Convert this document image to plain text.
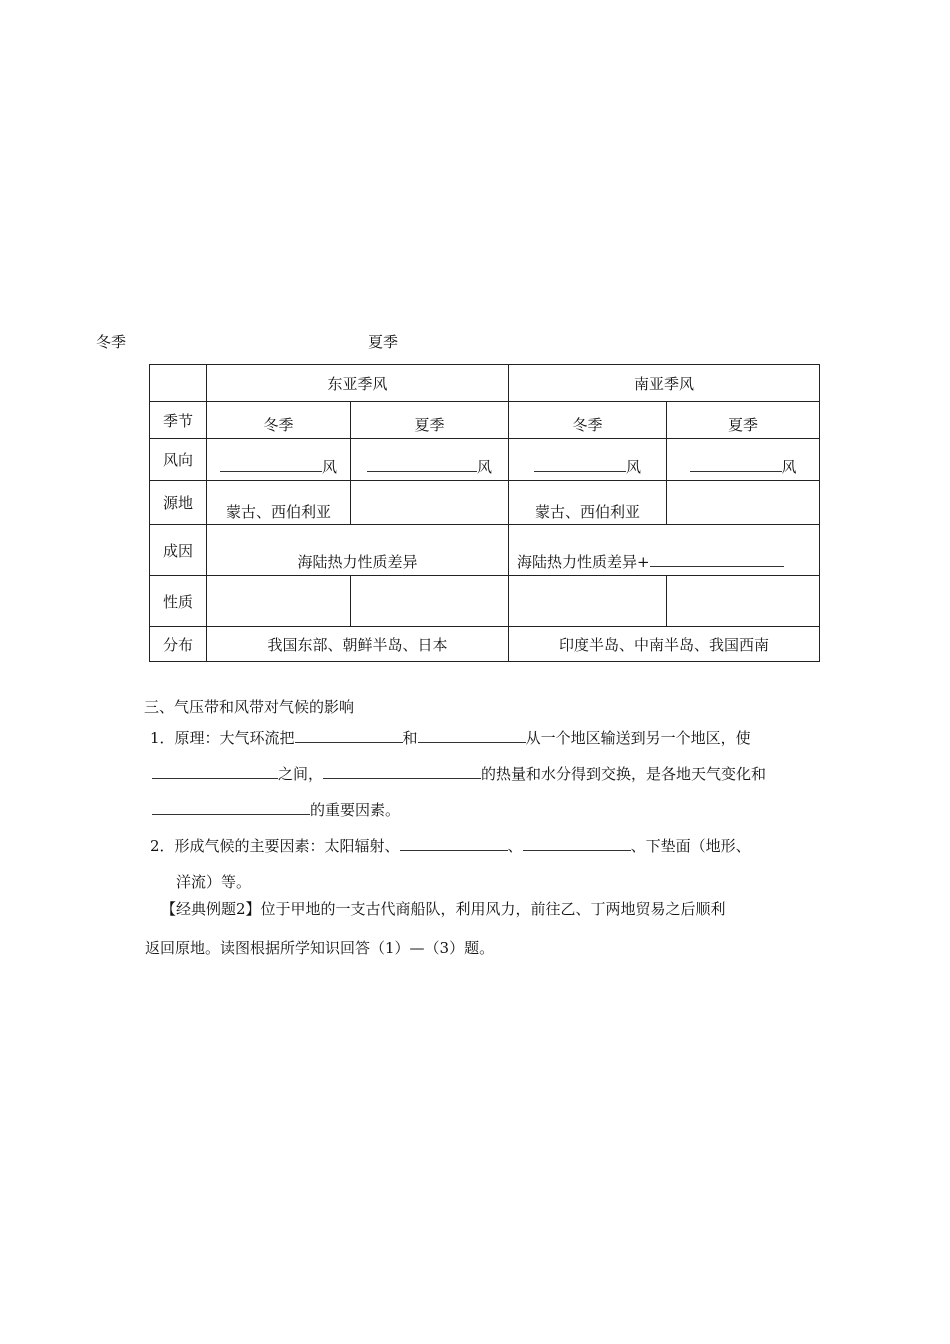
冬季	夏季
	东亚季风		南亚季风	
季节	冬季	夏季	冬季	夏季

风向	风	风	风	风

源地	蒙古、西伯利亚		蒙古、西伯利亚	

成因	海陆热力性质差异		海陆热力性质差异+	

性质				
分布	我国东部、朝鲜半岛、日本		印度半岛、中南半岛、我国西南	
三、气压带和风带对气候的影响
1．原理：大气环流把	和	从一个地区输送到另一个地区，使
之间，	的热量和水分得到交换，是各地天气变化和
的重要因素。
2．形成气候的主要因素：太阳辐射、	、	、下垫面（地形、
洋流）等。
【经典例题2】位于甲地的一支古代商船队，利用风力，前往乙、丁两地贸易之后顺利
返回原地。读图根据所学知识回答（1）—（3）题。
